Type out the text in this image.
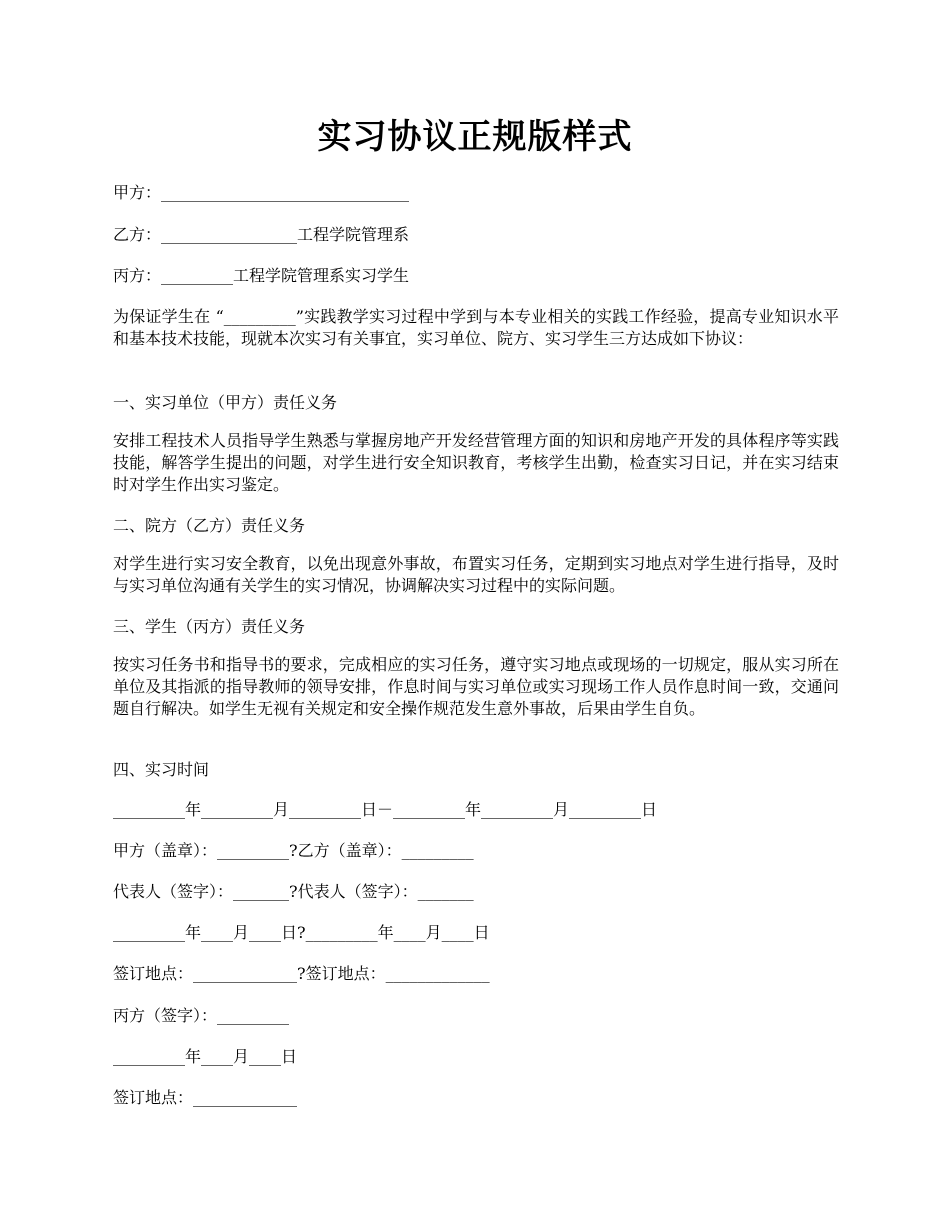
实习协议正规版样式
甲方：_______________________________
乙方：_________________工程学院管理系
丙方：_________工程学院管理系实习学生
为保证学生在 “_________”实践教学实习过程中学到与本专业相关的实践工作经验，提高专业知识水平和基本技术技能，现就本次实习有关事宜，实习单位、院方、实习学生三方达成如下协议：
一、实习单位（甲方）责任义务
安排工程技术人员指导学生熟悉与掌握房地产开发经营管理方面的知识和房地产开发的具体程序等实践技能，解答学生提出的问题，对学生进行安全知识教育，考核学生出勤，检查实习日记，并在实习结束时对学生作出实习鉴定。
二、院方（乙方）责任义务
对学生进行实习安全教育，以免出现意外事故，布置实习任务，定期到实习地点对学生进行指导，及时与实习单位沟通有关学生的实习情况，协调解决实习过程中的实际问题。
三、学生（丙方）责任义务
按实习任务书和指导书的要求，完成相应的实习任务，遵守实习地点或现场的一切规定，服从实习所在单位及其指派的指导教师的领导安排，作息时间与实习单位或实习现场工作人员作息时间一致，交通问题自行解决。如学生无视有关规定和安全操作规范发生意外事故，后果由学生自负。
四、实习时间
_________年_________月_________日－_________年_________月_________日
甲方（盖章）：_________?乙方（盖章）：_________
代表人（签字）：_______?代表人（签字）：_______
_________年____月____日?_________年____月____日
签订地点：_____________?签订地点：_____________
丙方（签字）：_________
_________年____月____日
签订地点：_____________
